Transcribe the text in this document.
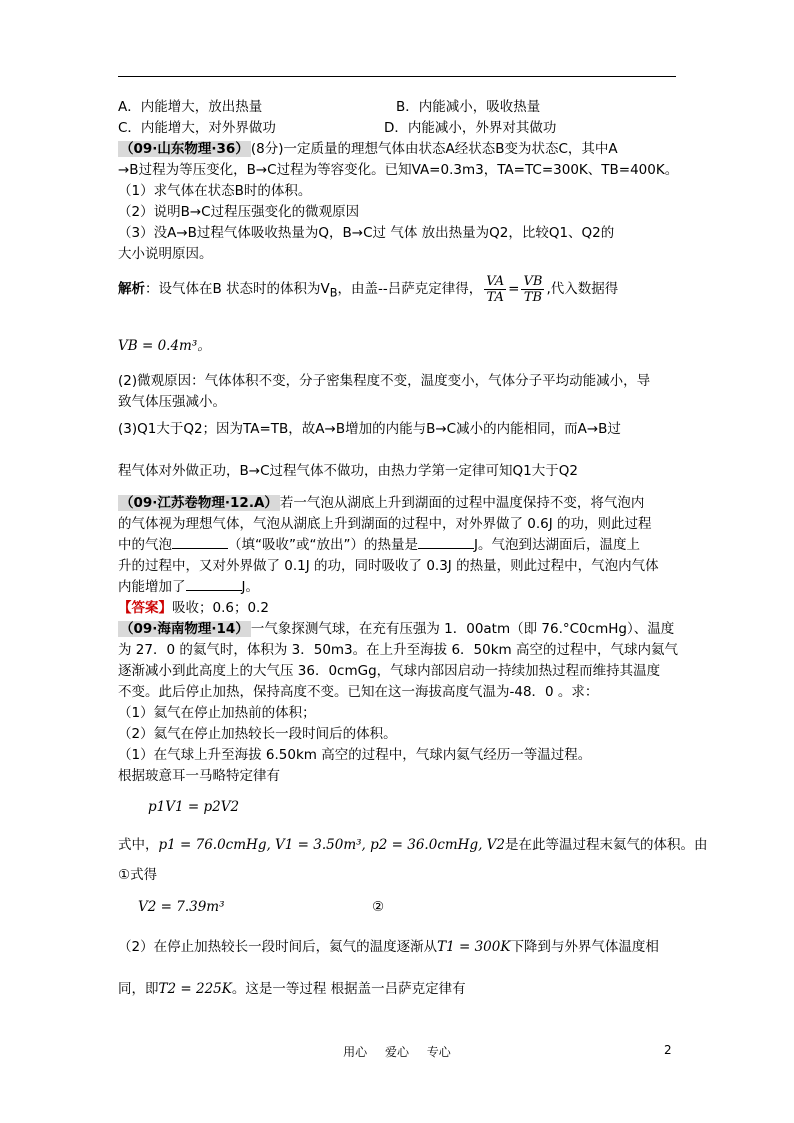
A．内能增大，放出热量	B．内能减小，吸收热量
C．内能增大，对外界做功	D．内能减小，外界对其做功
（09·山东物理·36） (8分)一定质量的理想气体由状态A经状态B变为状态C，其中A
→B过程为等压变化，B→C过程为等容变化。已知VA=0.3m3，TA=TC=300K、TB=400K。
（1）求气体在状态B时的体积。
（2）说明B→C过程压强变化的微观原因
（3）没A→B过程气体吸收热量为Q，B→C过 气体 放出热量为Q2，比较Q1、Q2的
大小说明原因。
解析：设气体在B 状态时的体积为$V_B$，由盖--吕萨克定律得， $\frac{VA}{TA} = \frac{VB}{TB}$ ,代入数据得
VB = 0.4m³。
(2)微观原因：气体体积不变，分子密集程度不变，温度变小，气体分子平均动能减小，导
致气体压强减小。
(3)Q1大于Q2；因为TA=TB，故A→B增加的内能与B→C减小的内能相同，而A→B过
程气体对外做正功，B→C过程气体不做功，由热力学第一定律可知Q1大于Q2
（09·江苏卷物理·12.A） 若一气泡从湖底上升到湖面的过程中温度保持不变，将气泡内
的气体视为理想气体，气泡从湖底上升到湖面的过程中，对外界做了 0.6J 的功，则此过程
中的气泡	（填“吸收”或“放出”）的热量是	J。气泡到达湖面后，温度上
升的过程中，又对外界做了 0.1J 的功，同时吸收了 0.3J 的热量，则此过程中，气泡内气体
内能增加了	J。
【答案】吸收；0.6；0.2
（09·海南物理·14） 一气象探测气球，在充有压强为 1．00atm（即 76.°C0cmHg）、温度
为 27．0 的氦气时，体积为 3．50m3。在上升至海拔 6．50km 高空的过程中，气球内氦气
逐渐减小到此高度上的大气压 36．0cmGg，气球内部因启动一持续加热过程而维持其温度
不变。此后停止加热，保持高度不变。已知在这一海拔高度气温为-48．0 。求：
（1）氦气在停止加热前的体积；
（2）氦气在停止加热较长一段时间后的体积。
（1）在气球上升至海拔 6.50km 高空的过程中，气球内氦气经历一等温过程。
根据玻意耳一马略特定律有
p1V1 = p2V2
式中，p1 = 76.0cmHg, V1 = 3.50m³, p2 = 36.0cmHg, V2是在此等温过程末氦气的体积。由
①式得
V2 = 7.39m³	②
（2）在停止加热较长一段时间后，氦气的温度逐渐从T1 = 300K下降到与外界气体温度相
同，即T2 = 225K。这是一等过程 根据盖一吕萨克定律有
用心 爱心 专心	2
